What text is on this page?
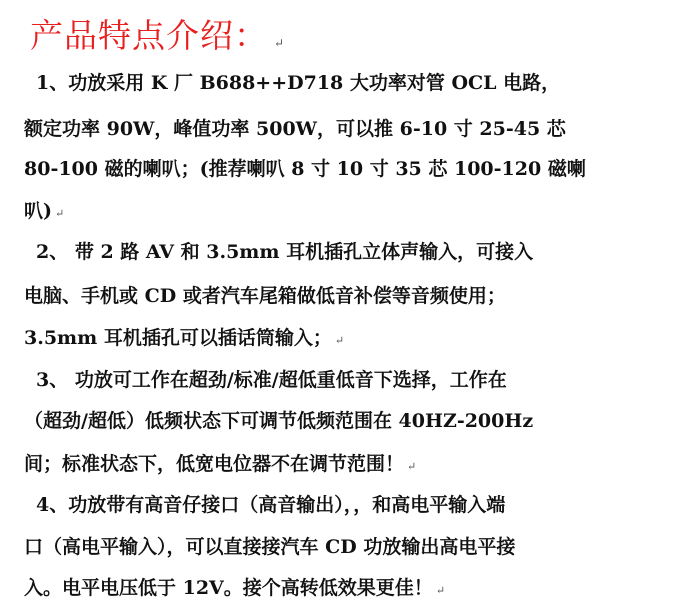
产品特点介绍： ↵
1、功放采用 K 厂 B688++D718 大功率对管 OCL 电路，
额定功率 90W，峰值功率 500W，可以推 6-10 寸 25-45 芯
80-100 磁的喇叭；(推荐喇叭 8 寸 10 寸 35 芯 100-120 磁喇
叭) ↵
2、 带 2 路 AV 和 3.5mm 耳机插孔立体声输入，可接入
电脑、手机或 CD 或者汽车尾箱做低音补偿等音频使用；
3.5mm 耳机插孔可以插话筒输入； ↵
3、 功放可工作在超劲/标准/超低重低音下选择，工作在
（超劲/超低）低频状态下可调节低频范围在 40HZ-200Hz
间；标准状态下，低宽电位器不在调节范围！ ↵
4、功放带有高音仔接口（高音输出），，和高电平输入端
口（高电平输入），可以直接接汽车 CD 功放输出高电平接
入。电平电压低于 12V。接个高转低效果更佳！ ↵
